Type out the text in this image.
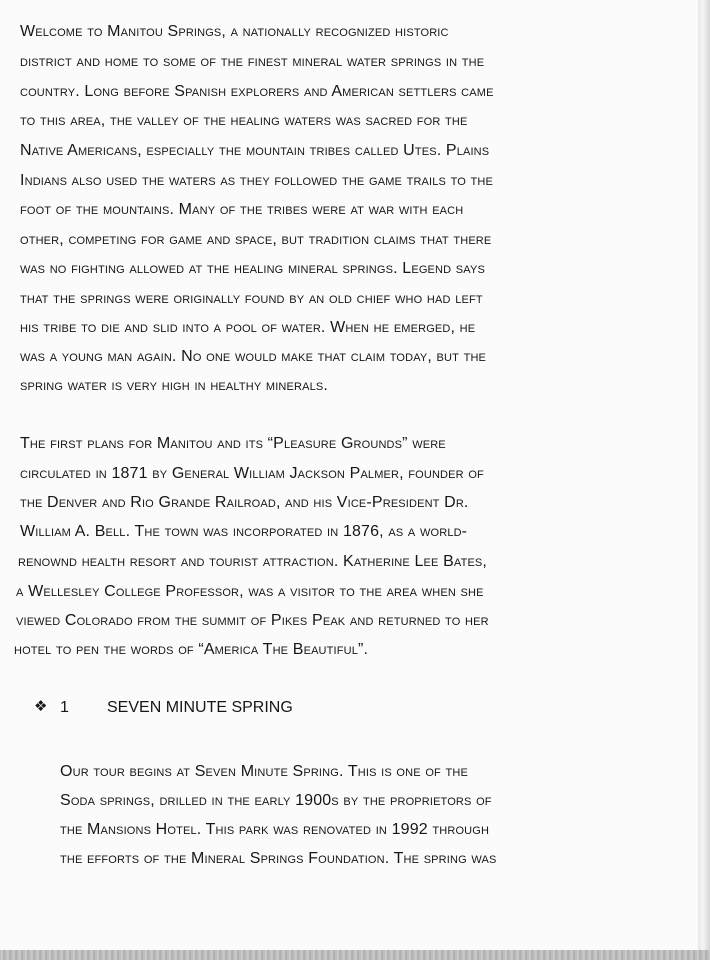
Welcome to Manitou Springs, a nationally recognized historic
district and home to some of the finest mineral water springs in the
country. Long before Spanish explorers and American settlers came
to this area, the valley of the healing waters was sacred for the
Native Americans, especially the mountain tribes called Utes. Plains
Indians also used the waters as they followed the game trails to the
foot of the mountains. Many of the tribes were at war with each
other, competing for game and space, but tradition claims that there
was no fighting allowed at the healing mineral springs. Legend says
that the springs were originally found by an old chief who had left
his tribe to die and slid into a pool of water. When he emerged, he
was a young man again. No one would make that claim today, but the
spring water is very high in healthy minerals.
The first plans for Manitou and its “Pleasure Grounds” were
circulated in 1871 by General William Jackson Palmer, founder of
the Denver and Rio Grande Railroad, and his Vice-President Dr.
William A. Bell. The town was incorporated in 1876, as a world-
renownd health resort and tourist attraction. Katherine Lee Bates,
a Wellesley College Professor, was a visitor to the area when she
viewed Colorado from the summit of Pikes Peak and returned to her
hotel to pen the words of “America The Beautiful”.
❖ 1 SEVEN MINUTE SPRING
Our tour begins at Seven Minute Spring. This is one of the
Soda springs, drilled in the early 1900s by the proprietors of
the Mansions Hotel. This park was renovated in 1992 through
the efforts of the Mineral Springs Foundation. The spring was
